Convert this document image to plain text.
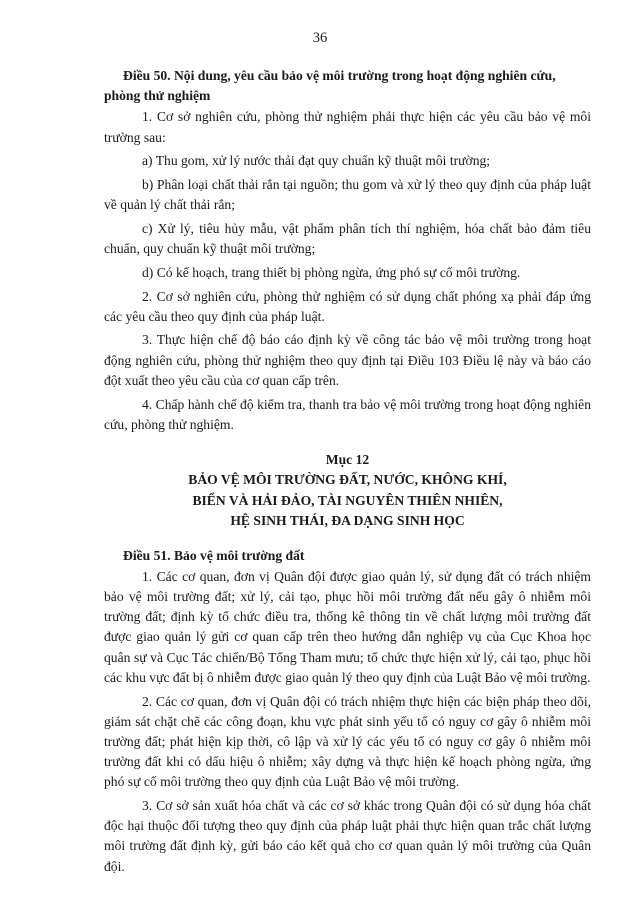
36

Điều 50. Nội dung, yêu cầu bảo vệ môi trường trong hoạt động nghiên cứu, phòng thử nghiệm

1. Cơ sở nghiên cứu, phòng thử nghiệm phải thực hiện các yêu cầu bảo vệ môi trường sau:

a) Thu gom, xử lý nước thải đạt quy chuẩn kỹ thuật môi trường;

b) Phân loại chất thải rắn tại nguồn; thu gom và xử lý theo quy định của pháp luật về quản lý chất thải rắn;

c) Xử lý, tiêu hủy mẫu, vật phẩm phân tích thí nghiệm, hóa chất bảo đảm tiêu chuẩn, quy chuẩn kỹ thuật môi trường;

d) Có kế hoạch, trang thiết bị phòng ngừa, ứng phó sự cố môi trường.

2. Cơ sở nghiên cứu, phòng thử nghiệm có sử dụng chất phóng xạ phải đáp ứng các yêu cầu theo quy định của pháp luật.

3. Thực hiện chế độ báo cáo định kỳ về công tác bảo vệ môi trường trong hoạt động nghiên cứu, phòng thử nghiệm theo quy định tại Điều 103 Điều lệ này và báo cáo đột xuất theo yêu cầu của cơ quan cấp trên.

4. Chấp hành chế độ kiểm tra, thanh tra bảo vệ môi trường trong hoạt động nghiên cứu, phòng thử nghiệm.

Mục 12
BẢO VỆ MÔI TRƯỜNG ĐẤT, NƯỚC, KHÔNG KHÍ,
BIỂN VÀ HẢI ĐẢO, TÀI NGUYÊN THIÊN NHIÊN,
HỆ SINH THÁI, ĐA DẠNG SINH HỌC

Điều 51. Bảo vệ môi trường đất

1. Các cơ quan, đơn vị Quân đội được giao quản lý, sử dụng đất có trách nhiệm bảo vệ môi trường đất; xử lý, cải tạo, phục hồi môi trường đất nếu gây ô nhiễm môi trường đất; định kỳ tổ chức điều tra, thống kê thông tin về chất lượng môi trường đất được giao quản lý gửi cơ quan cấp trên theo hướng dẫn nghiệp vụ của Cục Khoa học quân sự và Cục Tác chiến/Bộ Tổng Tham mưu; tổ chức thực hiện xử lý, cải tạo, phục hồi các khu vực đất bị ô nhiễm được giao quản lý theo quy định của Luật Bảo vệ môi trường.

2. Các cơ quan, đơn vị Quân đội có trách nhiệm thực hiện các biện pháp theo dõi, giám sát chặt chẽ các công đoạn, khu vực phát sinh yếu tố có nguy cơ gây ô nhiễm môi trường đất; phát hiện kịp thời, cô lập và xử lý các yếu tố có nguy cơ gây ô nhiễm môi trường đất khi có dấu hiệu ô nhiễm; xây dựng và thực hiện kế hoạch phòng ngừa, ứng phó sự cố môi trường theo quy định của Luật Bảo vệ môi trường.

3. Cơ sở sản xuất hóa chất và các cơ sở khác trong Quân đội có sử dụng hóa chất độc hại thuộc đối tượng theo quy định của pháp luật phải thực hiện quan trắc chất lượng môi trường đất định kỳ, gửi báo cáo kết quả cho cơ quan quản lý môi trường của Quân đội.
